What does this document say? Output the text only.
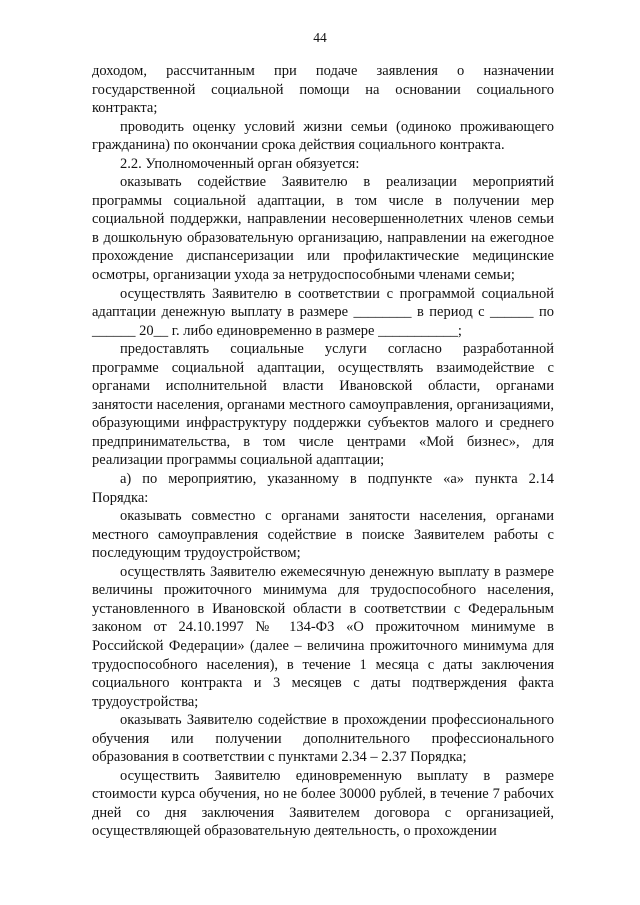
44

доходом, рассчитанным при подаче заявления о назначении государственной социальной помощи на основании социального контракта;

проводить оценку условий жизни семьи (одиноко проживающего гражданина) по окончании срока действия социального контракта.

2.2. Уполномоченный орган обязуется:

оказывать содействие Заявителю в реализации мероприятий программы социальной адаптации, в том числе в получении мер социальной поддержки, направлении несовершеннолетних членов семьи в дошкольную образовательную организацию, направлении на ежегодное прохождение диспансеризации или профилактические медицинские осмотры, организации ухода за нетрудоспособными членами семьи;

осуществлять Заявителю в соответствии с программой социальной адаптации денежную выплату в размере ________ в период с ______ по ______ 20__ г. либо единовременно в размере ___________;

предоставлять социальные услуги согласно разработанной программе социальной адаптации, осуществлять взаимодействие с органами исполнительной власти Ивановской области, органами занятости населения, органами местного самоуправления, организациями, образующими инфраструктуру поддержки субъектов малого и среднего предпринимательства, в том числе центрами «Мой бизнес», для реализации программы социальной адаптации;

а) по мероприятию, указанному в подпункте «а» пункта 2.14 Порядка:

оказывать совместно с органами занятости населения, органами местного самоуправления содействие в поиске Заявителем работы с последующим трудоустройством;

осуществлять Заявителю ежемесячную денежную выплату в размере величины прожиточного минимума для трудоспособного населения, установленного в Ивановской области в соответствии с Федеральным законом от 24.10.1997 № 134-ФЗ «О прожиточном минимуме в Российской Федерации» (далее – величина прожиточного минимума для трудоспособного населения), в течение 1 месяца с даты заключения социального контракта и 3 месяцев с даты подтверждения факта трудоустройства;

оказывать Заявителю содействие в прохождении профессионального обучения или получении дополнительного профессионального образования в соответствии с пунктами 2.34 – 2.37 Порядка;

осуществить Заявителю единовременную выплату в размере стоимости курса обучения, но не более 30000 рублей, в течение 7 рабочих дней со дня заключения Заявителем договора с организацией, осуществляющей образовательную деятельность, о прохождении
